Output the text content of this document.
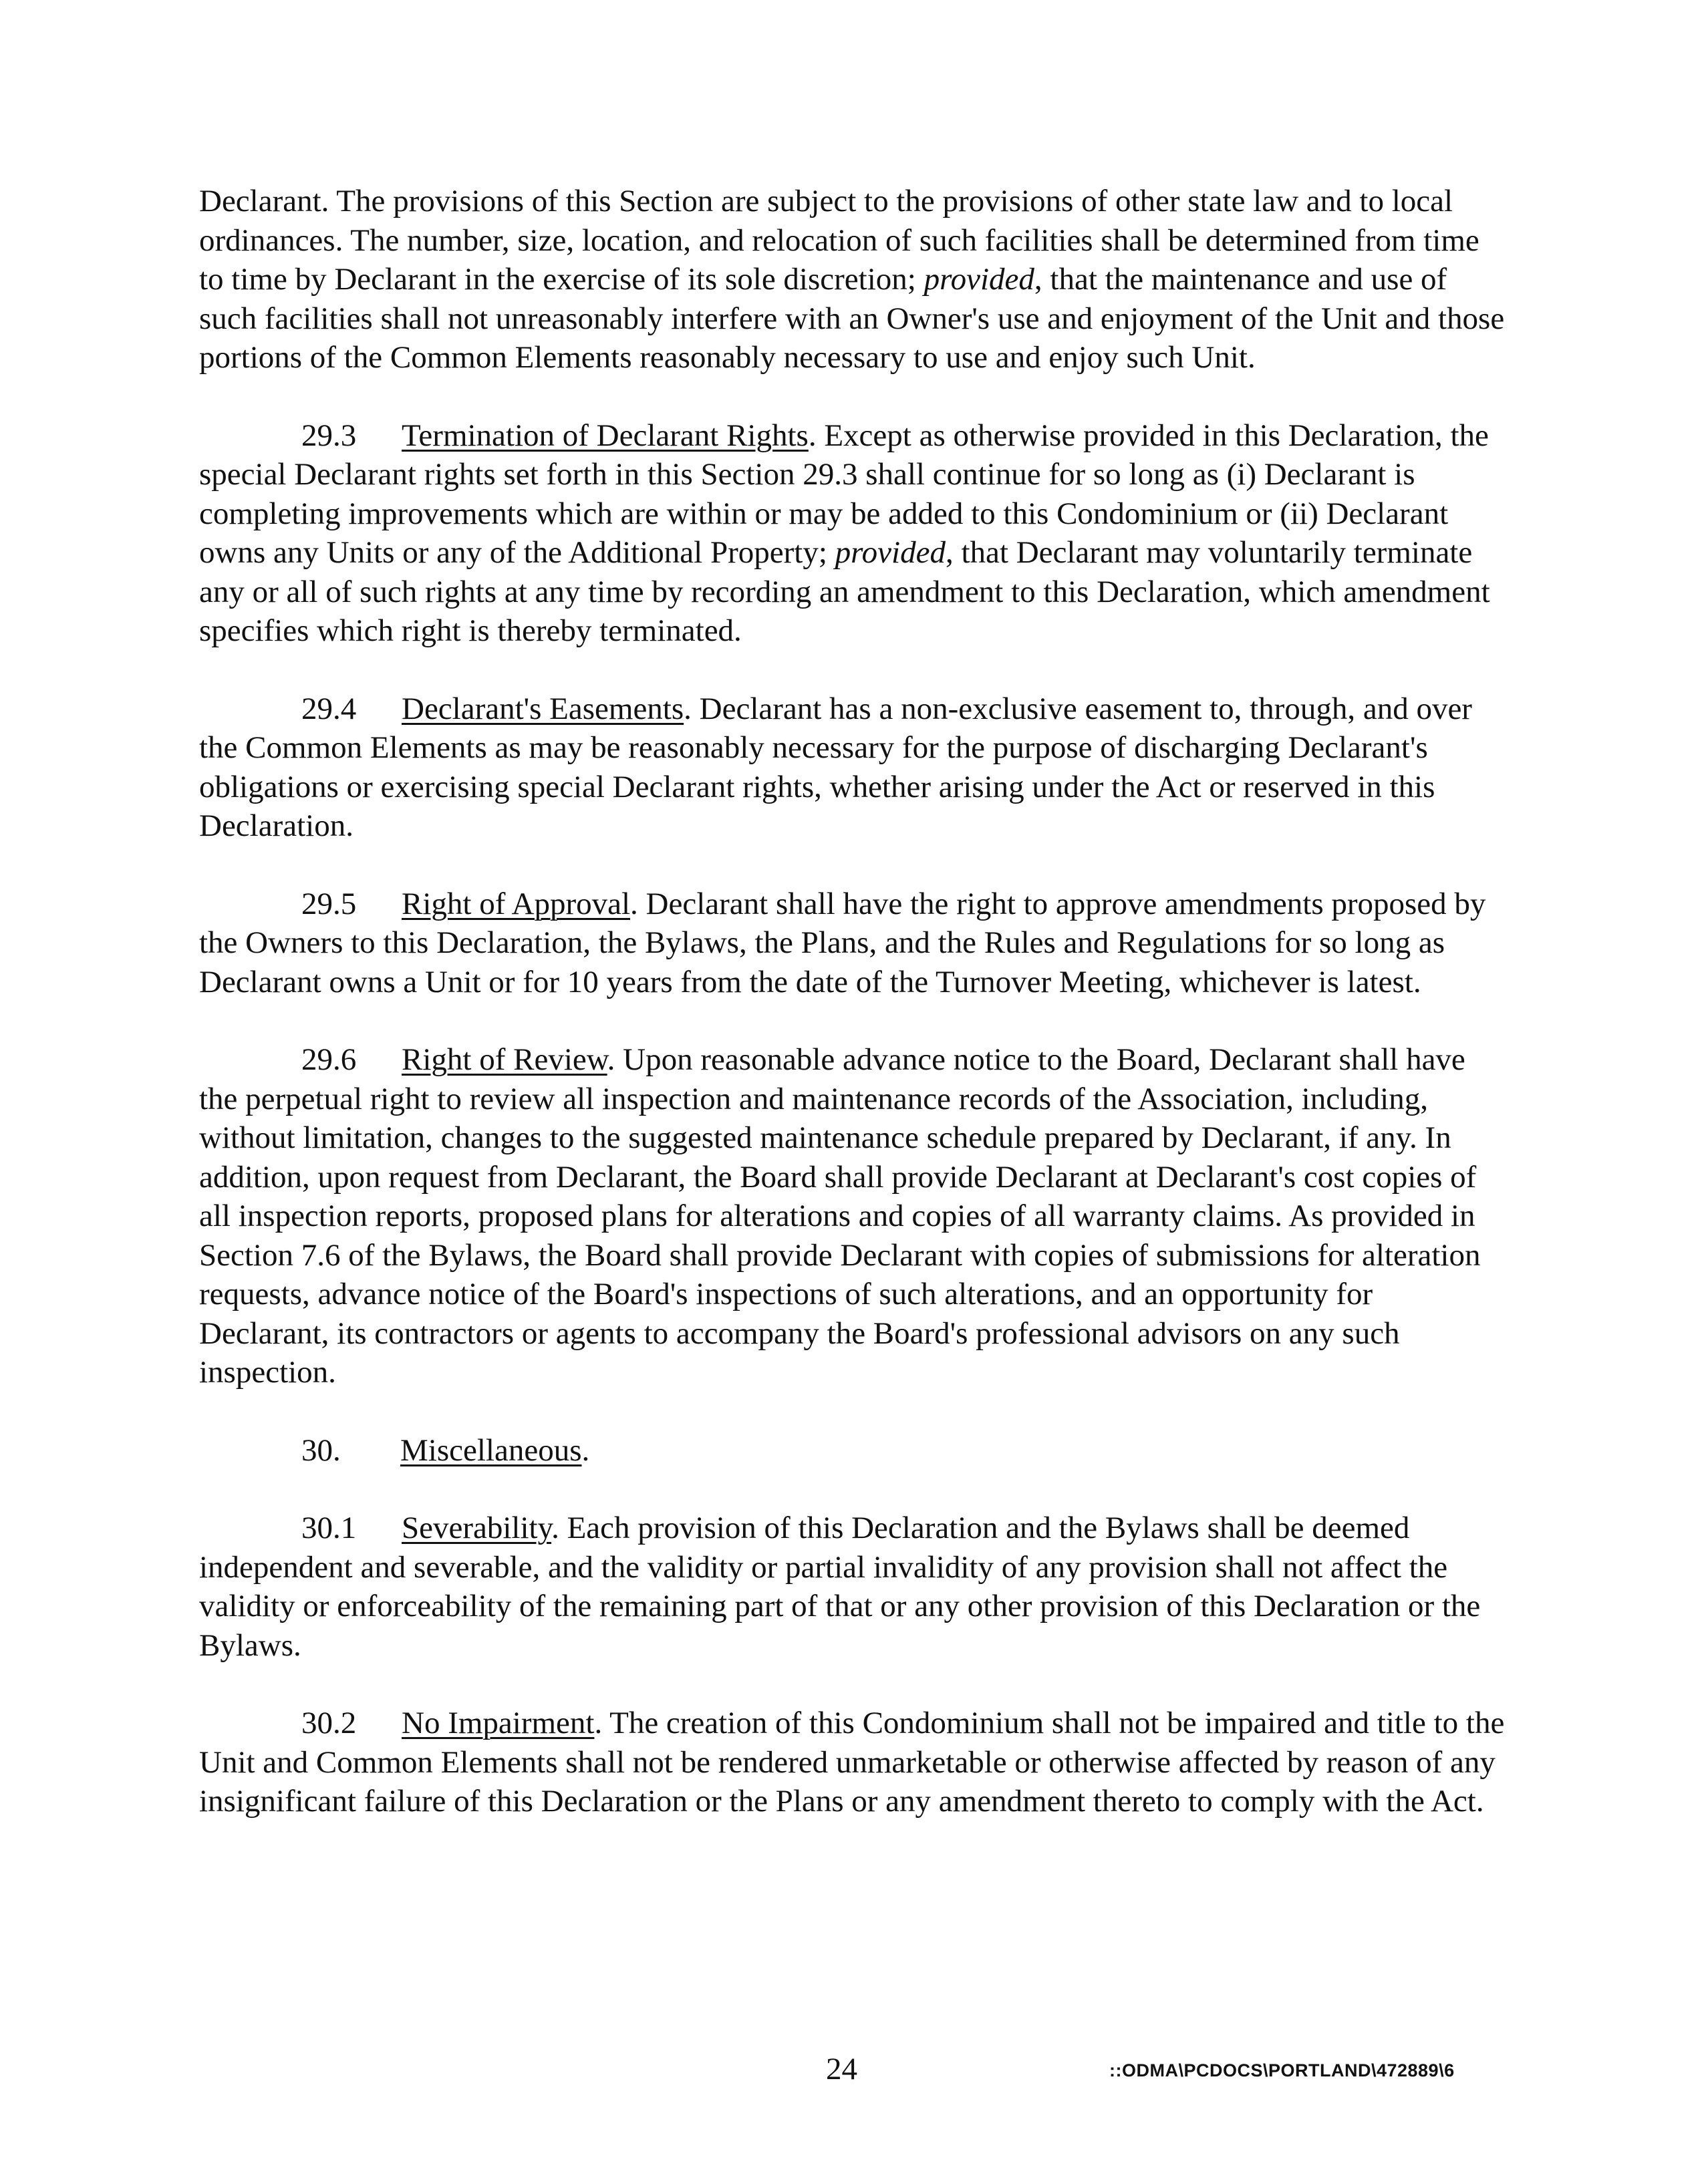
Declarant. The provisions of this Section are subject to the provisions of other state law and to local ordinances. The number, size, location, and relocation of such facilities shall be determined from time to time by Declarant in the exercise of its sole discretion; provided, that the maintenance and use of such facilities shall not unreasonably interfere with an Owner's use and enjoyment of the Unit and those portions of the Common Elements reasonably necessary to use and enjoy such Unit.

29.3 Termination of Declarant Rights. Except as otherwise provided in this Declaration, the special Declarant rights set forth in this Section 29.3 shall continue for so long as (i) Declarant is completing improvements which are within or may be added to this Condominium or (ii) Declarant owns any Units or any of the Additional Property; provided, that Declarant may voluntarily terminate any or all of such rights at any time by recording an amendment to this Declaration, which amendment specifies which right is thereby terminated.

29.4 Declarant's Easements. Declarant has a non-exclusive easement to, through, and over the Common Elements as may be reasonably necessary for the purpose of discharging Declarant's obligations or exercising special Declarant rights, whether arising under the Act or reserved in this Declaration.

29.5 Right of Approval. Declarant shall have the right to approve amendments proposed by the Owners to this Declaration, the Bylaws, the Plans, and the Rules and Regulations for so long as Declarant owns a Unit or for 10 years from the date of the Turnover Meeting, whichever is latest.

29.6 Right of Review. Upon reasonable advance notice to the Board, Declarant shall have the perpetual right to review all inspection and maintenance records of the Association, including, without limitation, changes to the suggested maintenance schedule prepared by Declarant, if any. In addition, upon request from Declarant, the Board shall provide Declarant at Declarant's cost copies of all inspection reports, proposed plans for alterations and copies of all warranty claims. As provided in Section 7.6 of the Bylaws, the Board shall provide Declarant with copies of submissions for alteration requests, advance notice of the Board's inspections of such alterations, and an opportunity for Declarant, its contractors or agents to accompany the Board's professional advisors on any such inspection.

30. Miscellaneous.

30.1 Severability. Each provision of this Declaration and the Bylaws shall be deemed independent and severable, and the validity or partial invalidity of any provision shall not affect the validity or enforceability of the remaining part of that or any other provision of this Declaration or the Bylaws.

30.2 No Impairment. The creation of this Condominium shall not be impaired and title to the Unit and Common Elements shall not be rendered unmarketable or otherwise affected by reason of any insignificant failure of this Declaration or the Plans or any amendment thereto to comply with the Act.

24	::ODMA\PCDOCS\PORTLAND\472889\6
